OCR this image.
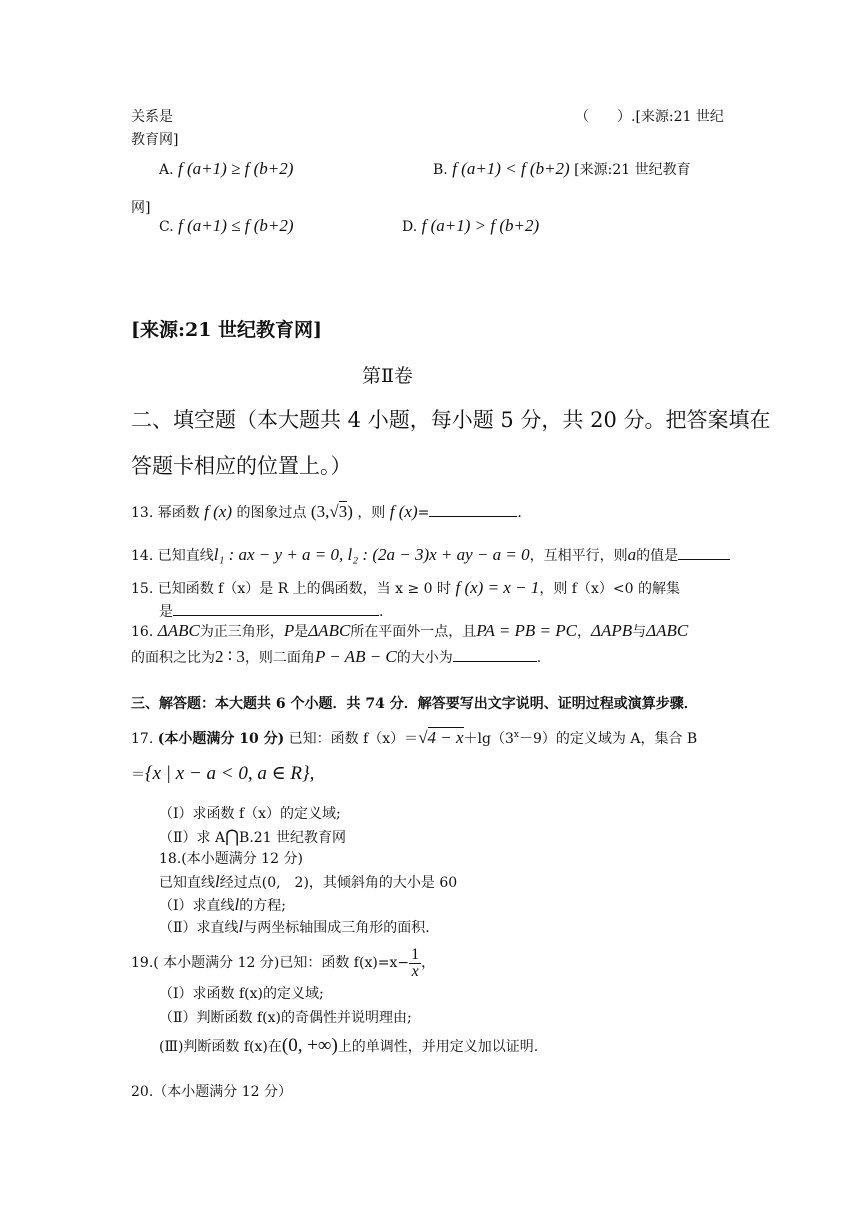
关系是	（　　）.[来源:21 世纪
教育网]
A. f (a+1) ≥ f (b+2)	B. f (a+1) < f (b+2) [来源:21 世纪教育
网]
C. f (a+1) ≤ f (b+2)	D. f (a+1) > f (b+2)
[来源:21 世纪教育网]
第Ⅱ卷
二、填空题（本大题共 4 小题，每小题 5 分，共 20 分。把答案填在
答题卡相应的位置上。）
13. 幂函数 f (x) 的图象过点 (3,√3) ，则 f (x)=	.
14. 已知直线l₁ : ax − y + a = 0, l₂ : (2a − 3)x + ay − a = 0，互相平行，则a的值是
15. 已知函数 f（x）是 R 上的偶函数，当 x ≥ 0 时 f (x) = x − 1，则 f（x）<0 的解集
是	.
16. ΔABC为正三角形，P是ΔABC所在平面外一点，且PA = PB = PC，ΔAPB与ΔABC
的面积之比为2 ∶ 3，则二面角P − AB − C的大小为	.
三、解答题：本大题共 6 个小题．共 74 分．解答要写出文字说明、证明过程或演算步骤．
17. (本小题满分 10 分) 已知：函数 $f(x)=√4 - x+\lg(3^x-9)$的定义域为 A，集合 B
＝{x | x − a < 0, a ∈ R},
（Ⅰ）求函数 f（x）的定义域;
（Ⅱ）求 A⋂B.21 世纪教育网
18.(本小题满分 12 分)
已知直线l经过点(0,　2)，其倾斜角的大小是 60
（Ⅰ）求直线l的方程;
（Ⅱ）求直线l与两坐标轴围成三角形的面积.
19.( 本小题满分 12 分)已知：函数 $f(x)=x- \frac{1}{x}$ ，
（Ⅰ）求函数 f(x)的定义域;
（Ⅱ）判断函数 f(x)的奇偶性并说明理由;
(Ⅲ)判断函数 f(x)在(0, +∞)上的单调性，并用定义加以证明.
20.（本小题满分 12 分）
